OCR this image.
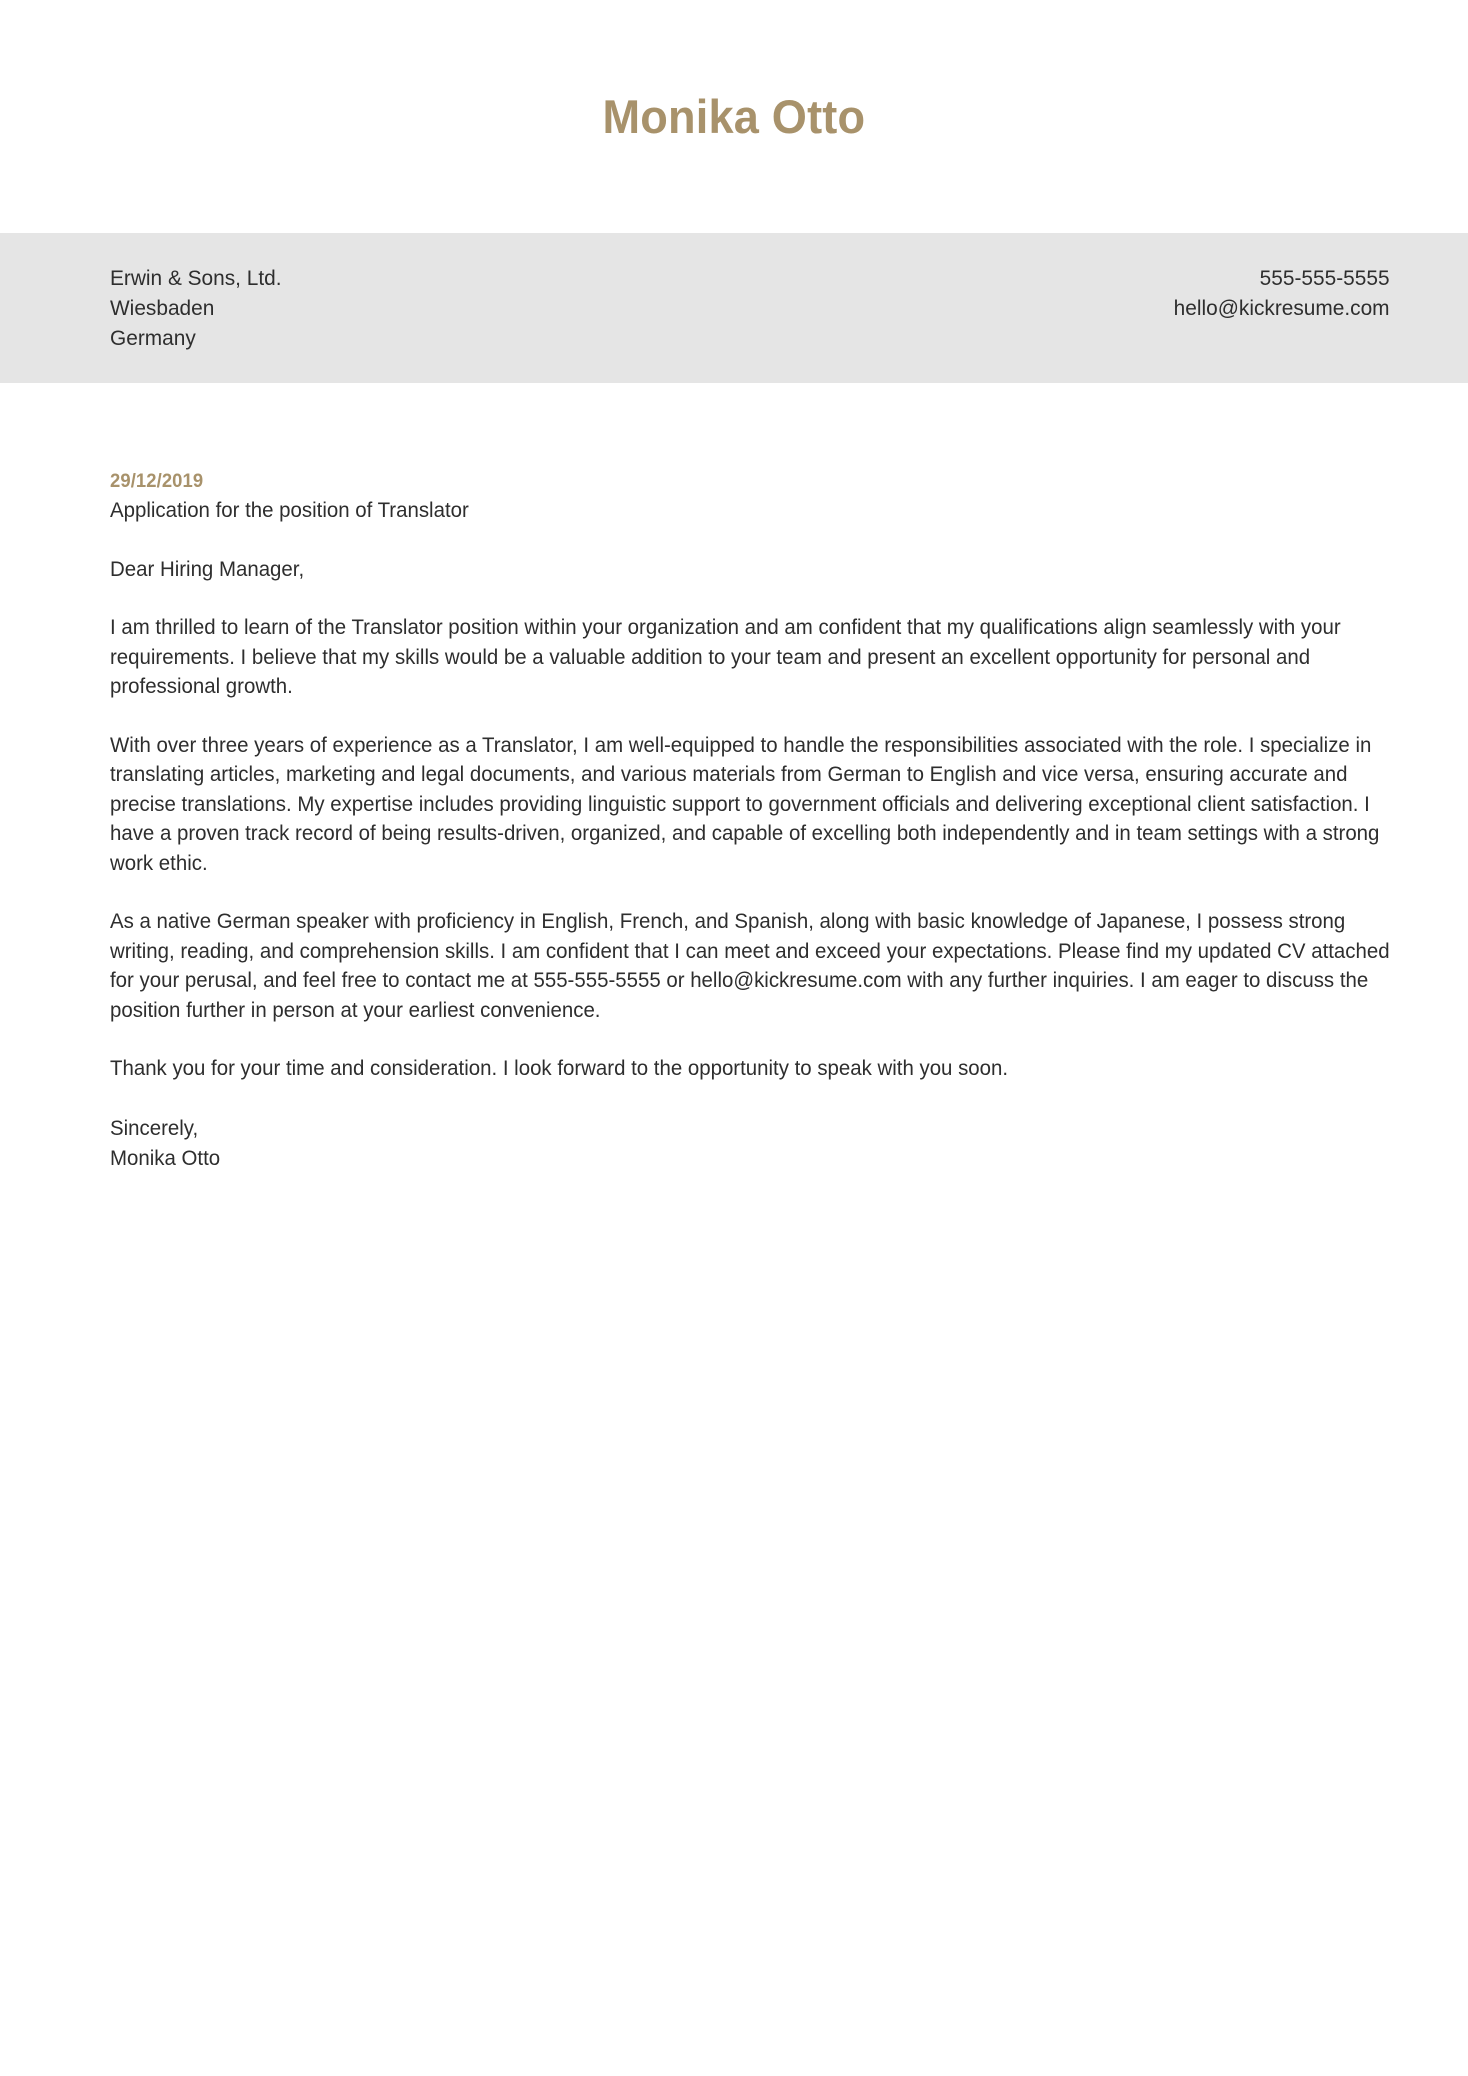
Monika Otto
Erwin & Sons, Ltd.
Wiesbaden
Germany
555-555-5555
hello@kickresume.com
29/12/2019
Application for the position of Translator
Dear Hiring Manager,

I am thrilled to learn of the Translator position within your organization and am confident that my qualifications align seamlessly with your requirements. I believe that my skills would be a valuable addition to your team and present an excellent opportunity for personal and professional growth.

With over three years of experience as a Translator, I am well-equipped to handle the responsibilities associated with the role. I specialize in translating articles, marketing and legal documents, and various materials from German to English and vice versa, ensuring accurate and precise translations. My expertise includes providing linguistic support to government officials and delivering exceptional client satisfaction. I have a proven track record of being results-driven, organized, and capable of excelling both independently and in team settings with a strong work ethic.

As a native German speaker with proficiency in English, French, and Spanish, along with basic knowledge of Japanese, I possess strong writing, reading, and comprehension skills. I am confident that I can meet and exceed your expectations. Please find my updated CV attached for your perusal, and feel free to contact me at 555-555-5555 or hello@kickresume.com with any further inquiries. I am eager to discuss the position further in person at your earliest convenience.

Thank you for your time and consideration. I look forward to the opportunity to speak with you soon.

Sincerely,
Monika Otto
